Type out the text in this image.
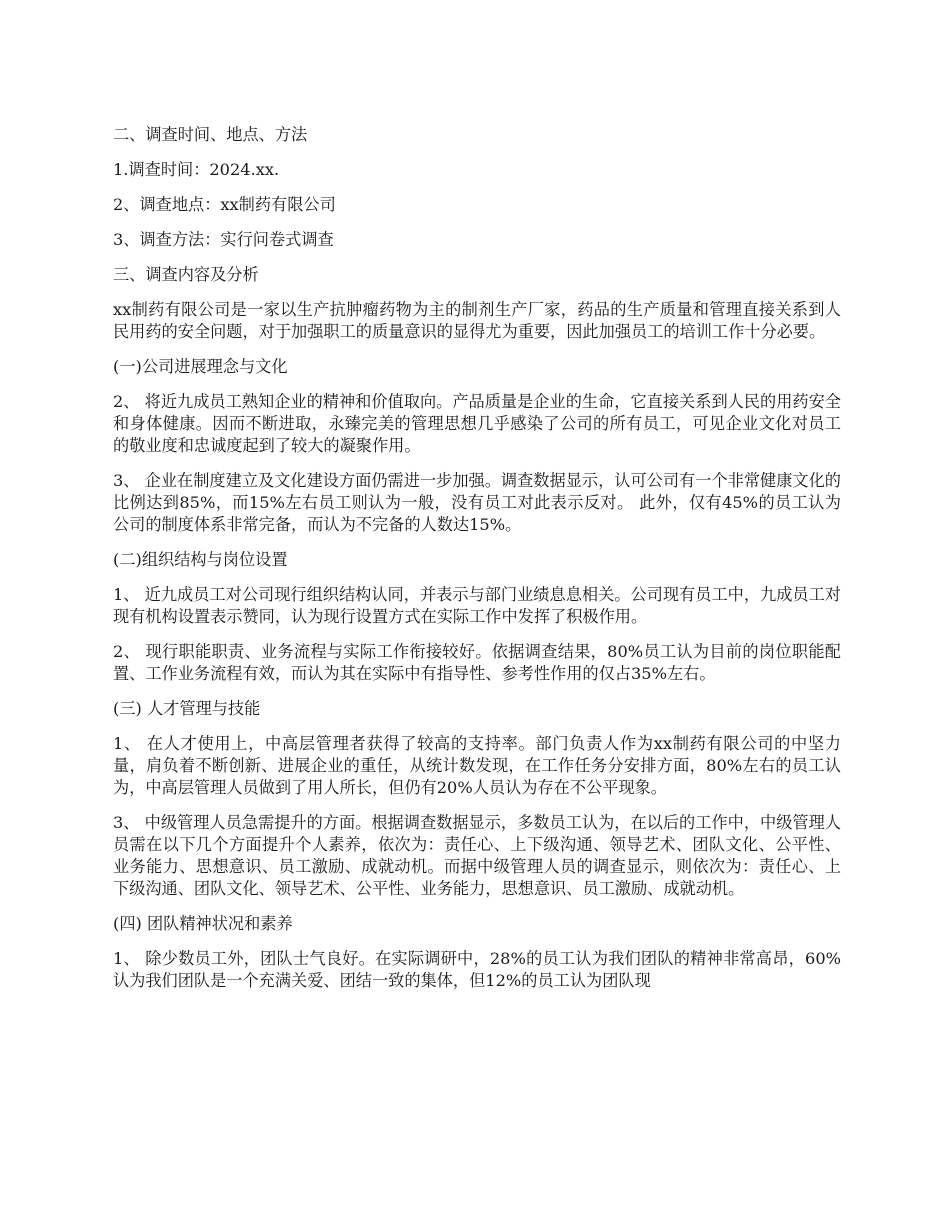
二、调查时间、地点、方法

1.调查时间：2024.xx.

2、调查地点：xx制药有限公司

3、调查方法：实行问卷式调查

三、调查内容及分析

xx制药有限公司是一家以生产抗肿瘤药物为主的制剂生产厂家，药品的生产质量和管理直接关系到人民用药的安全问题，对于加强职工的质量意识的显得尤为重要，因此加强员工的培训工作十分必要。

(一)公司进展理念与文化

2、 将近九成员工熟知企业的精神和价值取向。产品质量是企业的生命，它直接关系到人民的用药安全和身体健康。因而不断进取，永臻完美的管理思想几乎感染了公司的所有员工，可见企业文化对员工的敬业度和忠诚度起到了较大的凝聚作用。

3、 企业在制度建立及文化建设方面仍需进一步加强。调查数据显示，认可公司有一个非常健康文化的比例达到85%，而15%左右员工则认为一般，没有员工对此表示反对。 此外，仅有45%的员工认为公司的制度体系非常完备，而认为不完备的人数达15%。

(二)组织结构与岗位设置

1、 近九成员工对公司现行组织结构认同，并表示与部门业绩息息相关。公司现有员工中，九成员工对现有机构设置表示赞同，认为现行设置方式在实际工作中发挥了积极作用。

2、 现行职能职责、业务流程与实际工作衔接较好。依据调查结果，80%员工认为目前的岗位职能配置、工作业务流程有效，而认为其在实际中有指导性、参考性作用的仅占35%左右。

(三) 人才管理与技能

1、 在人才使用上，中高层管理者获得了较高的支持率。部门负责人作为xx制药有限公司的中坚力量，肩负着不断创新、进展企业的重任，从统计数发现，在工作任务分安排方面，80%左右的员工认为，中高层管理人员做到了用人所长，但仍有20%人员认为存在不公平现象。

3、 中级管理人员急需提升的方面。根据调查数据显示，多数员工认为，在以后的工作中，中级管理人员需在以下几个方面提升个人素养，依次为：责任心、上下级沟通、领导艺术、团队文化、公平性、业务能力、思想意识、员工激励、成就动机。而据中级管理人员的调查显示，则依次为：责任心、上下级沟通、团队文化、领导艺术、公平性、业务能力，思想意识、员工激励、成就动机。

(四) 团队精神状况和素养

1、 除少数员工外，团队士气良好。在实际调研中，28%的员工认为我们团队的精神非常高昂，60%认为我们团队是一个充满关爱、团结一致的集体，但12%的员工认为团队现
